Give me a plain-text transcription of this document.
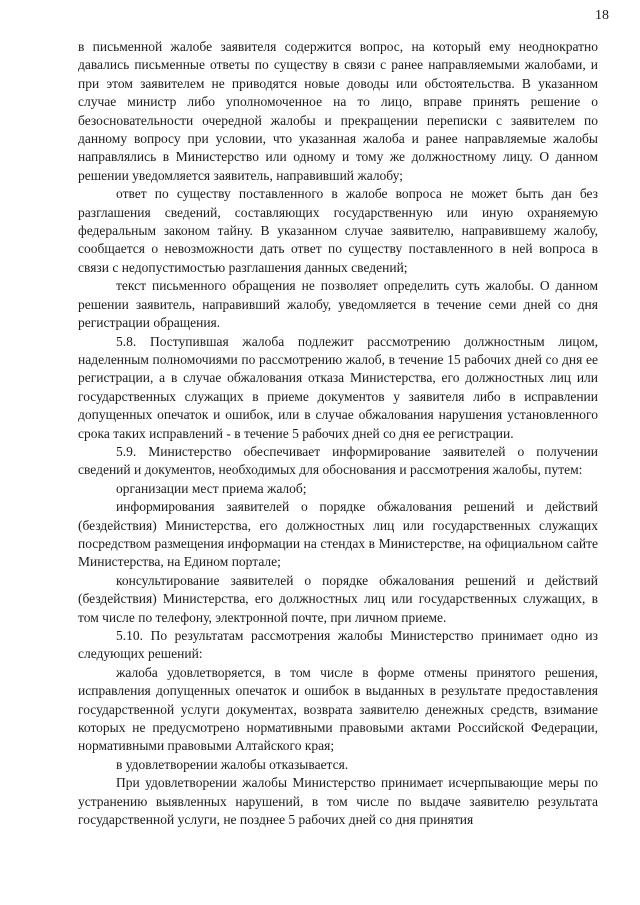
18

в письменной жалобе заявителя содержится вопрос, на который ему неоднократно давались письменные ответы по существу в связи с ранее направляемыми жалобами, и при этом заявителем не приводятся новые доводы или обстоятельства. В указанном случае министр либо уполномоченное на то лицо, вправе принять решение о безосновательности очередной жалобы и прекращении переписки с заявителем по данному вопросу при условии, что указанная жалоба и ранее направляемые жалобы направлялись в Министерство или одному и тому же должностному лицу. О данном решении уведомляется заявитель, направивший жалобу;

ответ по существу поставленного в жалобе вопроса не может быть дан без разглашения сведений, составляющих государственную или иную охраняемую федеральным законом тайну. В указанном случае заявителю, направившему жалобу, сообщается о невозможности дать ответ по существу поставленного в ней вопроса в связи с недопустимостью разглашения данных сведений;

текст письменного обращения не позволяет определить суть жалобы. О данном решении заявитель, направивший жалобу, уведомляется в течение семи дней со дня регистрации обращения.

5.8. Поступившая жалоба подлежит рассмотрению должностным лицом, наделенным полномочиями по рассмотрению жалоб, в течение 15 рабочих дней со дня ее регистрации, а в случае обжалования отказа Министерства, его должностных лиц или государственных служащих в приеме документов у заявителя либо в исправлении допущенных опечаток и ошибок, или в случае обжалования нарушения установленного срока таких исправлений - в течение 5 рабочих дней со дня ее регистрации.

5.9. Министерство обеспечивает информирование заявителей о получении сведений и документов, необходимых для обоснования и рассмотрения жалобы, путем:

организации мест приема жалоб;

информирования заявителей о порядке обжалования решений и действий (бездействия) Министерства, его должностных лиц или государственных служащих посредством размещения информации на стендах в Министерстве, на официальном сайте Министерства, на Едином портале;

консультирование заявителей о порядке обжалования решений и действий (бездействия) Министерства, его должностных лиц или государственных служащих, в том числе по телефону, электронной почте, при личном приеме.

5.10. По результатам рассмотрения жалобы Министерство принимает одно из следующих решений:

жалоба удовлетворяется, в том числе в форме отмены принятого решения, исправления допущенных опечаток и ошибок в выданных в результате предоставления государственной услуги документах, возврата заявителю денежных средств, взимание которых не предусмотрено нормативными правовыми актами Российской Федерации, нормативными правовыми Алтайского края;

в удовлетворении жалобы отказывается.

При удовлетворении жалобы Министерство принимает исчерпывающие меры по устранению выявленных нарушений, в том числе по выдаче заявителю результата государственной услуги, не позднее 5 рабочих дней со дня принятия
